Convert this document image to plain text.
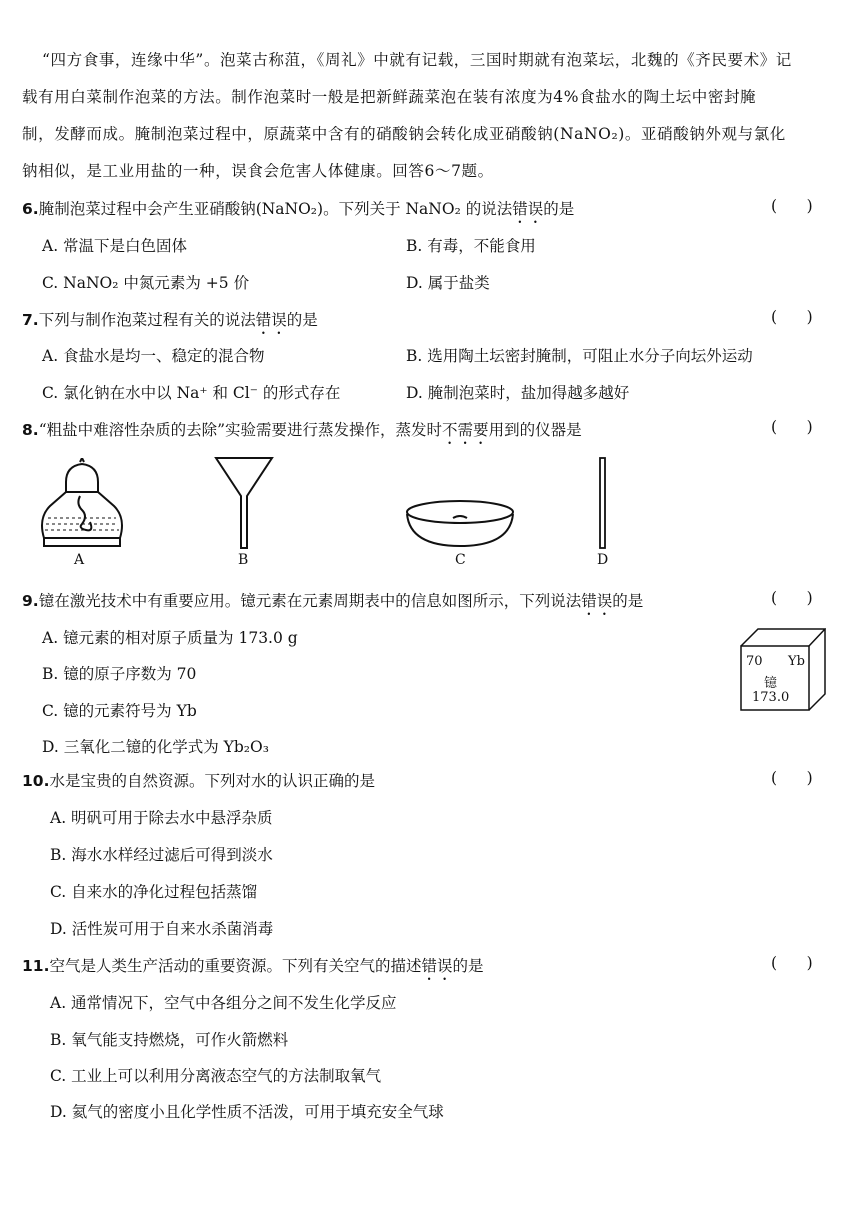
“四方食事，连缘中华”。泡菜古称菹，《周礼》中就有记载，三国时期就有泡菜坛，北魏的《齐民要术》记
载有用白菜制作泡菜的方法。制作泡菜时一般是把新鲜蔬菜泡在装有浓度为4%食盐水的陶土坛中密封腌
制，发酵而成。腌制泡菜过程中，原蔬菜中含有的硝酸钠会转化成亚硝酸钠(NaNO₂)。亚硝酸钠外观与氯化
钠相似，是工业用盐的一种，误食会危害人体健康。回答6～7题。
6.腌制泡菜过程中会产生亚硝酸钠(NaNO₂)。下列关于 NaNO₂ 的说法错误的是	(      )
A. 常温下是白色固体	B. 有毒，不能食用
C. NaNO₂ 中氮元素为 +5 价	D. 属于盐类
7.下列与制作泡菜过程有关的说法错误的是	(      )
A. 食盐水是均一、稳定的混合物	B. 选用陶土坛密封腌制，可阻止水分子向坛外运动
C. 氯化钠在水中以 Na⁺ 和 Cl⁻ 的形式存在	D. 腌制泡菜时，盐加得越多越好
8.“粗盐中难溶性杂质的去除”实验需要进行蒸发操作，蒸发时不需要用到的仪器是	(      )
A	B	C	D
9.镱在激光技术中有重要应用。镱元素在元素周期表中的信息如图所示，下列说法错误的是	(      )
A. 镱元素的相对原子质量为 173.0 g
B. 镱的原子序数为 70
C. 镱的元素符号为 Yb
D. 三氧化二镱的化学式为 Yb₂O₃
70 Yb
镱
173.0
10.水是宝贵的自然资源。下列对水的认识正确的是	(      )
A. 明矾可用于除去水中悬浮杂质
B. 海水水样经过滤后可得到淡水
C. 自来水的净化过程包括蒸馏
D. 活性炭可用于自来水杀菌消毒
11.空气是人类生产活动的重要资源。下列有关空气的描述错误的是	(      )
A. 通常情况下，空气中各组分之间不发生化学反应
B. 氧气能支持燃烧，可作火箭燃料
C. 工业上可以利用分离液态空气的方法制取氧气
D. 氦气的密度小且化学性质不活泼，可用于填充安全气球
